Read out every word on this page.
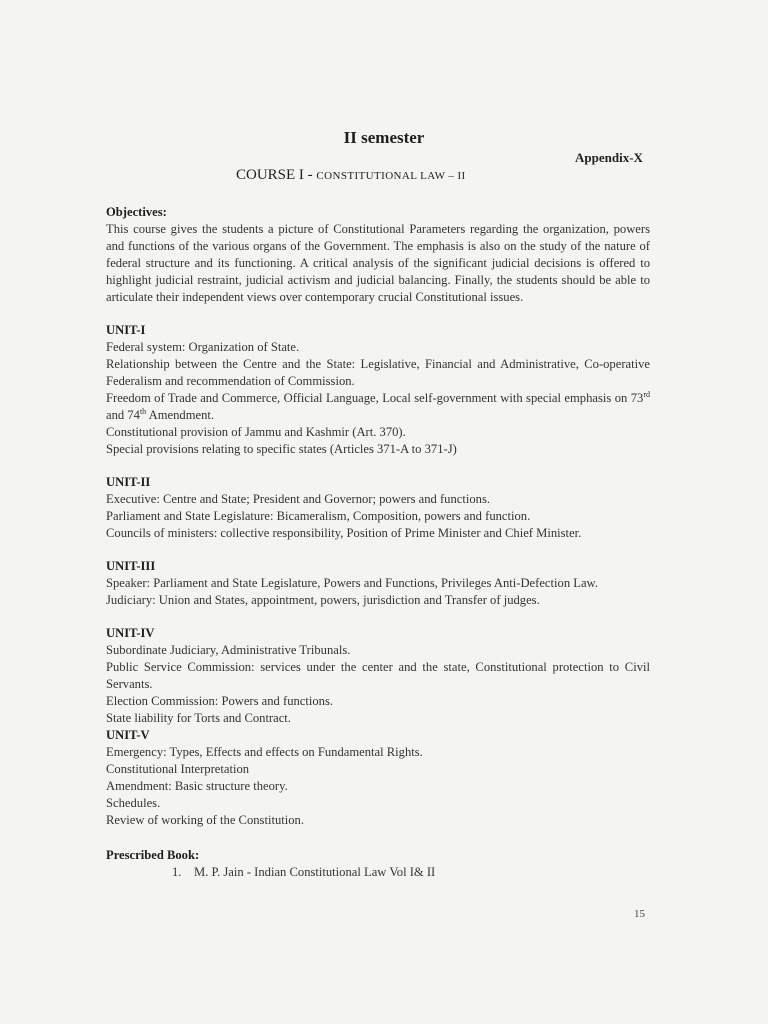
II semester
Appendix-X
COURSE I - CONSTITUTIONAL LAW – II
Objectives:
This course gives the students a picture of Constitutional Parameters regarding the organization, powers and functions of the various organs of the Government. The emphasis is also on the study of the nature of federal structure and its functioning. A critical analysis of the significant judicial decisions is offered to highlight judicial restraint, judicial activism and judicial balancing. Finally, the students should be able to articulate their independent views over contemporary crucial Constitutional issues.
UNIT-I
Federal system: Organization of State.
Relationship between the Centre and the State: Legislative, Financial and Administrative, Co-operative Federalism and recommendation of Commission.
Freedom of Trade and Commerce, Official Language, Local self-government with special emphasis on 73rd and 74th Amendment.
Constitutional provision of Jammu and Kashmir (Art. 370).
Special provisions relating to specific states (Articles 371-A to 371-J)
UNIT-II
Executive: Centre and State; President and Governor; powers and functions.
Parliament and State Legislature: Bicameralism, Composition, powers and function.
Councils of ministers: collective responsibility, Position of Prime Minister and Chief Minister.
UNIT-III
Speaker: Parliament and State Legislature, Powers and Functions, Privileges Anti-Defection Law.
Judiciary: Union and States, appointment, powers, jurisdiction and Transfer of judges.
UNIT-IV
Subordinate Judiciary, Administrative Tribunals.
Public Service Commission: services under the center and the state, Constitutional protection to Civil Servants.
Election Commission: Powers and functions.
State liability for Torts and Contract.
UNIT-V
Emergency: Types, Effects and effects on Fundamental Rights.
Constitutional Interpretation
Amendment: Basic structure theory.
Schedules.
Review of working of the Constitution.
Prescribed Book:
1. M. P. Jain - Indian Constitutional Law Vol I& II
15
